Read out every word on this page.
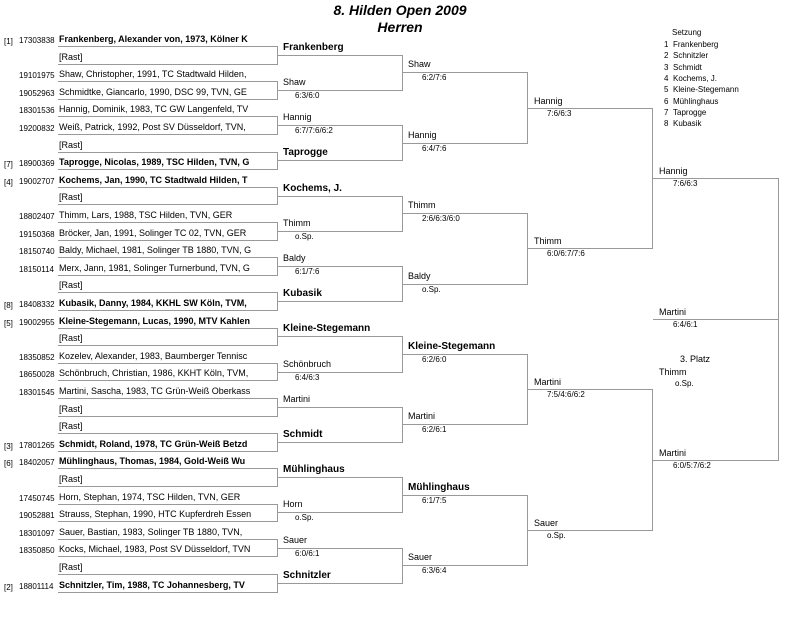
8. Hilden Open 2009
Herren
[1] 17303838 Frankenberg, Alexander von, 1973, Kölner K
[Rast]
19101975 Shaw, Christopher, 1991, TC Stadtwald Hilden,
19052963 Schmidtke, Giancarlo, 1990, DSC 99, TVN, GE
18301536 Hannig, Dominik, 1983, TC GW Langenfeld, TV
19200832 Weiß, Patrick, 1992, Post SV Düsseldorf, TVN,
[Rast]
[7] 18900369 Taprogge, Nicolas, 1989, TSC Hilden, TVN, G
[4] 19002707 Kochems, Jan, 1990, TC Stadtwald Hilden, T
[Rast]
18802407 Thimm, Lars, 1988, TSC Hilden, TVN, GER
19150368 Bröcker, Jan, 1991, Solinger TC 02, TVN, GER
18150740 Baldy, Michael, 1981, Solinger TB 1880, TVN, G
18150114 Merx, Jann, 1981, Solinger Turnerbund, TVN, G
[Rast]
[8] 18408332 Kubasik, Danny, 1984, KKHL SW Köln, TVM,
[5] 19002955 Kleine-Stegemann, Lucas, 1990, MTV Kahlen
[Rast]
18350852 Kozelev, Alexander, 1983, Baumberger Tennisc
18650028 Schönbruch, Christian, 1986, KKHT Köln, TVM,
18301545 Martini, Sascha, 1983, TC Grün-Weiß Oberkass
[Rast]
[Rast]
[3] 17801265 Schmidt, Roland, 1978, TC Grün-Weiß Betzd
[6] 18402057 Mühlinghaus, Thomas, 1984, Gold-Weiß Wu
[Rast]
17450745 Horn, Stephan, 1974, TSC Hilden, TVN, GER
19052881 Strauss, Stephan, 1990, HTC Kupferdreh Essen
18301097 Sauer, Bastian, 1983, Solinger TB 1880, TVN,
18350850 Kocks, Michael, 1983, Post SV Düsseldorf, TVN
[Rast]
[2] 18801114 Schnitzler, Tim, 1988, TC Johannesberg, TV
Frankenberg
Shaw
6:3/6:0
Hannig
6:7/7:6/6:2
Taprogge
Kochems, J.
Thimm
o.Sp.
Baldy
6:1/7:6
Kubasik
Kleine-Stegemann
Schönbruch
6:4/6:3
Martini
Schmidt
Mühlinghaus
Horn
o.Sp.
Sauer
6:0/6:1
Schnitzler
Shaw
6:2/7:6
Hannig
6:4/7:6
Thimm
2:6/6:3/6:0
Baldy
o.Sp.
Kleine-Stegemann
6:2/6:0
Martini
6:2/6:1
Mühlinghaus
6:1/7:5
Sauer
6:3/6:4
Hannig
7:6/6:3
Thimm
6:0/6:7/7:6
Martini
7:5/4:6/6:2
Sauer
o.Sp.
Hannig
7:6/6:3
Martini
6:4/6:1
Martini
6:0/5:7/6:2
3. Platz
Thimm
o.Sp.
Setzung
1 Frankenberg
2 Schnitzler
3 Schmidt
4 Kochems, J.
5 Kleine-Stegemann
6 Mühlinghaus
7 Taprogge
8 Kubasik
